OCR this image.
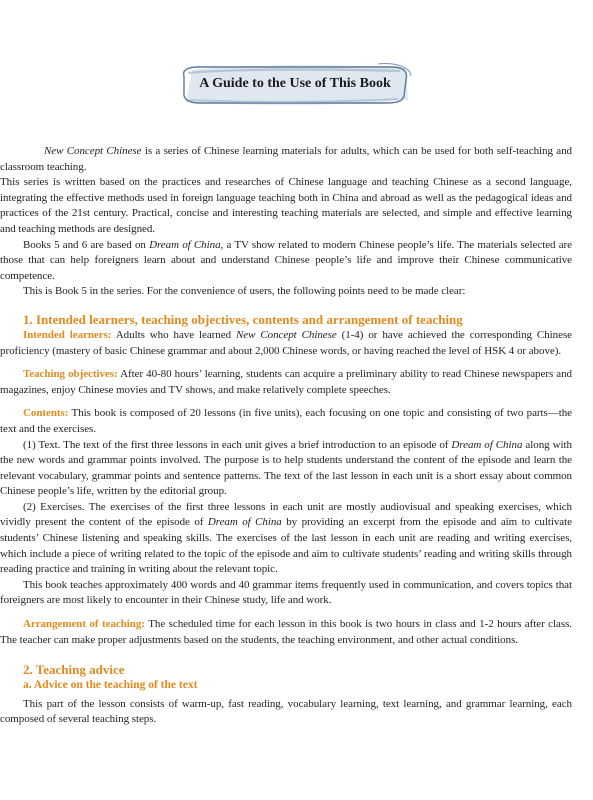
A Guide to the Use of This Book

New Concept Chinese is a series of Chinese learning materials for adults, which can be used for both self-teaching and classroom teaching.

This series is written based on the practices and researches of Chinese language and teaching Chinese as a second language, integrating the effective methods used in foreign language teaching both in China and abroad as well as the pedagogical ideas and practices of the 21st century. Practical, concise and interesting teaching materials are selected, and simple and effective learning and teaching methods are designed.

Books 5 and 6 are based on Dream of China, a TV show related to modern Chinese people’s life. The materials selected are those that can help foreigners learn about and understand Chinese people’s life and improve their Chinese communicative competence.

This is Book 5 in the series. For the convenience of users, the following points need to be made clear:

1. Intended learners, teaching objectives, contents and arrangement of teaching

Intended learners: Adults who have learned New Concept Chinese (1-4) or have achieved the corresponding Chinese proficiency (mastery of basic Chinese grammar and about 2,000 Chinese words, or having reached the level of HSK 4 or above).

Teaching objectives: After 40-80 hours’ learning, students can acquire a preliminary ability to read Chinese newspapers and magazines, enjoy Chinese movies and TV shows, and make relatively complete speeches.

Contents: This book is composed of 20 lessons (in five units), each focusing on one topic and consisting of two parts—the text and the exercises.

(1) Text. The text of the first three lessons in each unit gives a brief introduction to an episode of Dream of China along with the new words and grammar points involved. The purpose is to help students understand the content of the episode and learn the relevant vocabulary, grammar points and sentence patterns. The text of the last lesson in each unit is a short essay about common Chinese people’s life, written by the editorial group.

(2) Exercises. The exercises of the first three lessons in each unit are mostly audiovisual and speaking exercises, which vividly present the content of the episode of Dream of China by providing an excerpt from the episode and aim to cultivate students’ Chinese listening and speaking skills. The exercises of the last lesson in each unit are reading and writing exercises, which include a piece of writing related to the topic of the episode and aim to cultivate students’ reading and writing skills through reading practice and training in writing about the relevant topic.

This book teaches approximately 400 words and 40 grammar items frequently used in communication, and covers topics that foreigners are most likely to encounter in their Chinese study, life and work.

Arrangement of teaching: The scheduled time for each lesson in this book is two hours in class and 1-2 hours after class. The teacher can make proper adjustments based on the students, the teaching environment, and other actual conditions.

2. Teaching advice
a. Advice on the teaching of the text

This part of the lesson consists of warm-up, fast reading, vocabulary learning, text learning, and grammar learning, each composed of several teaching steps.
